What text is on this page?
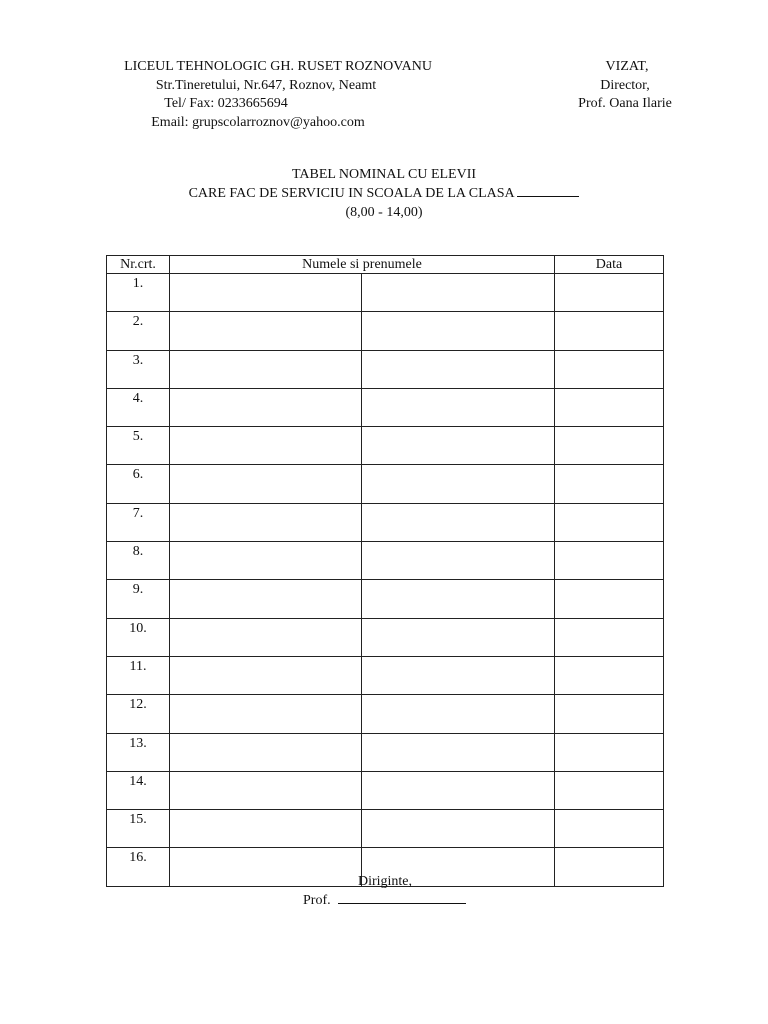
LICEUL TEHNOLOGIC GH. RUSET ROZNOVANU
Str.Tineretului, Nr.647, Roznov, Neamt
Tel/ Fax: 0233665694
Email: grupscolarroznov@yahoo.com
VIZAT,
Director,
Prof. Oana Ilarie
TABEL NOMINAL CU ELEVII
CARE FAC DE SERVICIU IN SCOALA DE LA CLASA
(8,00 - 14,00)
Nr.crt.	Numele si prenumele		Data
1.			
2.			
3.			
4.			
5.			
6.			
7.			
8.			
9.			
10.			
11.			
12.			
13.			
14.			
15.			
16.			
Diriginte,
Prof.
